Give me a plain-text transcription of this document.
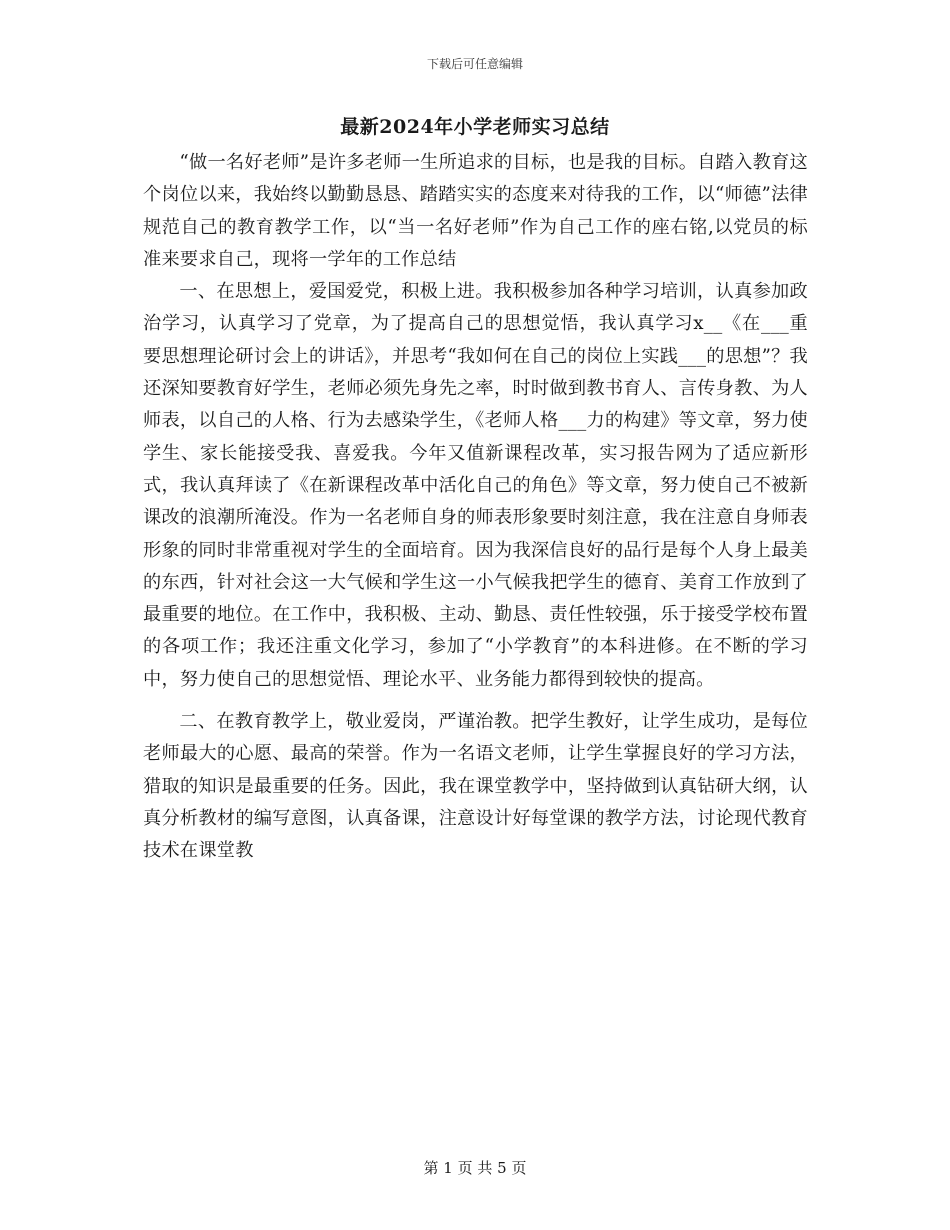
下载后可任意编辑
最新2024年小学老师实习总结

“做一名好老师”是许多老师一生所追求的目标，也是我的目标。自踏入教育这个岗位以来，我始终以勤勤恳恳、踏踏实实的态度来对待我的工作，以“师德”法律规范自己的教育教学工作，以“当一名好老师”作为自己工作的座右铭,以党员的标准来要求自己，现将一学年的工作总结

一、在思想上，爱国爱党，积极上进。我积极参加各种学习培训，认真参加政治学习，认真学习了党章，为了提高自己的思想觉悟，我认真学习x__《在___重要思想理论研讨会上的讲话》，并思考“我如何在自己的岗位上实践___的思想”？我还深知要教育好学生，老师必须先身先之率，时时做到教书育人、言传身教、为人师表，以自己的人格、行为去感染学生，《老师人格___力的构建》等文章，努力使学生、家长能接受我、喜爱我。今年又值新课程改革，实习报告网为了适应新形式，我认真拜读了《在新课程改革中活化自己的角色》等文章，努力使自己不被新课改的浪潮所淹没。作为一名老师自身的师表形象要时刻注意，我在注意自身师表形象的同时非常重视对学生的全面培育。因为我深信良好的品行是每个人身上最美的东西，针对社会这一大气候和学生这一小气候我把学生的德育、美育工作放到了最重要的地位。在工作中，我积极、主动、勤恳、责任性较强，乐于接受学校布置的各项工作；我还注重文化学习，参加了“小学教育”的本科进修。在不断的学习中，努力使自己的思想觉悟、理论水平、业务能力都得到较快的提高。

二、在教育教学上，敬业爱岗，严谨治教。把学生教好，让学生成功，是每位老师最大的心愿、最高的荣誉。作为一名语文老师，让学生掌握良好的学习方法，猎取的知识是最重要的任务。因此，我在课堂教学中，坚持做到认真钻研大纲，认真分析教材的编写意图，认真备课，注意设计好每堂课的教学方法，讨论现代教育技术在课堂教

第 1 页 共 5 页
